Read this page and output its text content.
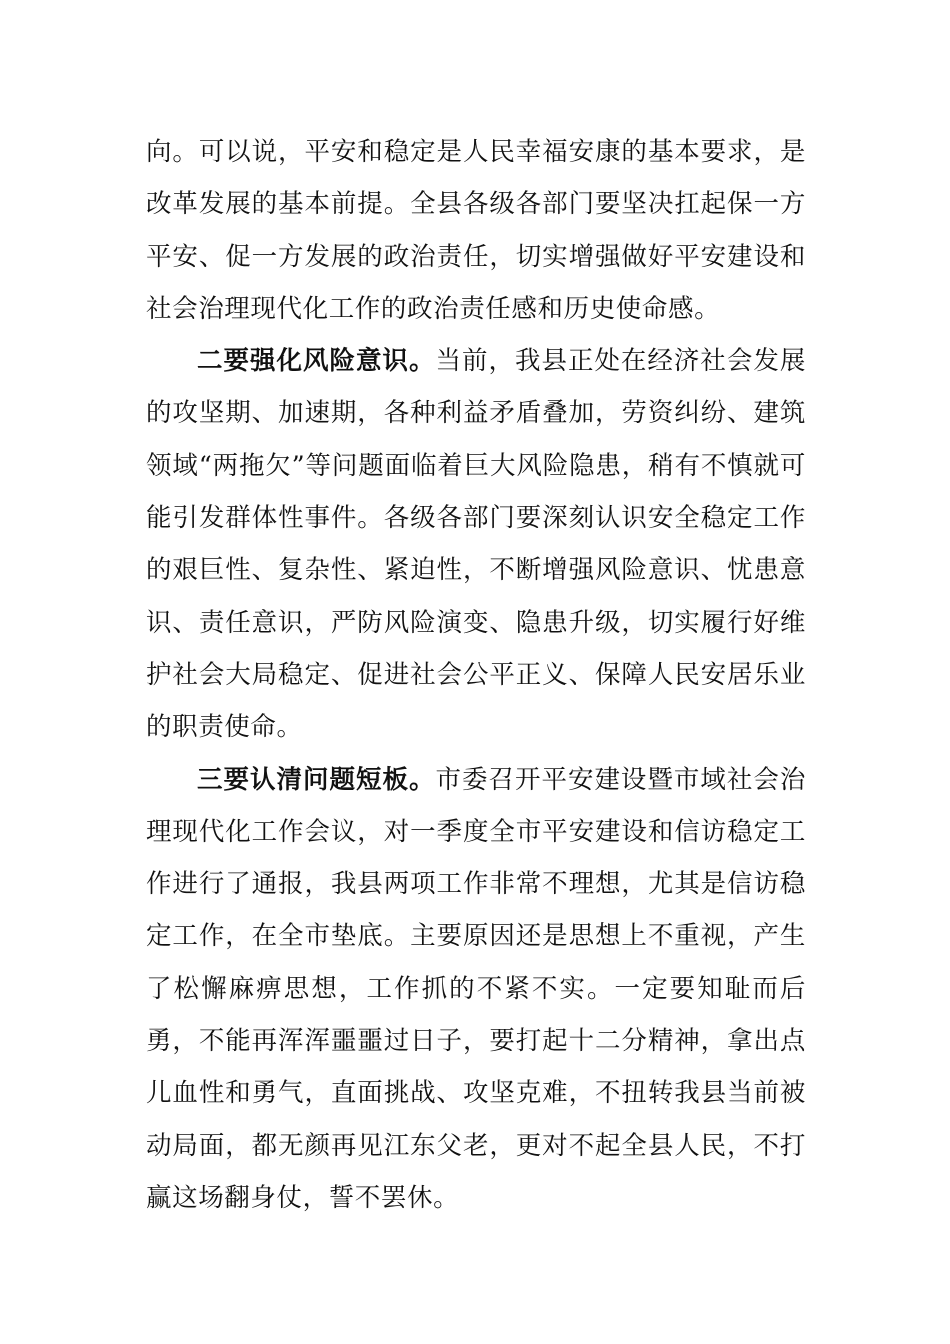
向。可以说，平安和稳定是人民幸福安康的基本要求，是改革发展的基本前提。全县各级各部门要坚决扛起保一方平安、促一方发展的政治责任，切实增强做好平安建设和社会治理现代化工作的政治责任感和历史使命感。

二要强化风险意识。当前，我县正处在经济社会发展的攻坚期、加速期，各种利益矛盾叠加，劳资纠纷、建筑领域“两拖欠”等问题面临着巨大风险隐患，稍有不慎就可能引发群体性事件。各级各部门要深刻认识安全稳定工作的艰巨性、复杂性、紧迫性，不断增强风险意识、忧患意识、责任意识，严防风险演变、隐患升级，切实履行好维护社会大局稳定、促进社会公平正义、保障人民安居乐业的职责使命。

三要认清问题短板。市委召开平安建设暨市域社会治理现代化工作会议，对一季度全市平安建设和信访稳定工作进行了通报，我县两项工作非常不理想，尤其是信访稳定工作，在全市垫底。主要原因还是思想上不重视，产生了松懈麻痹思想，工作抓的不紧不实。一定要知耻而后勇，不能再浑浑噩噩过日子，要打起十二分精神，拿出点儿血性和勇气，直面挑战、攻坚克难，不扭转我县当前被动局面，都无颜再见江东父老，更对不起全县人民，不打赢这场翻身仗，誓不罢休。
